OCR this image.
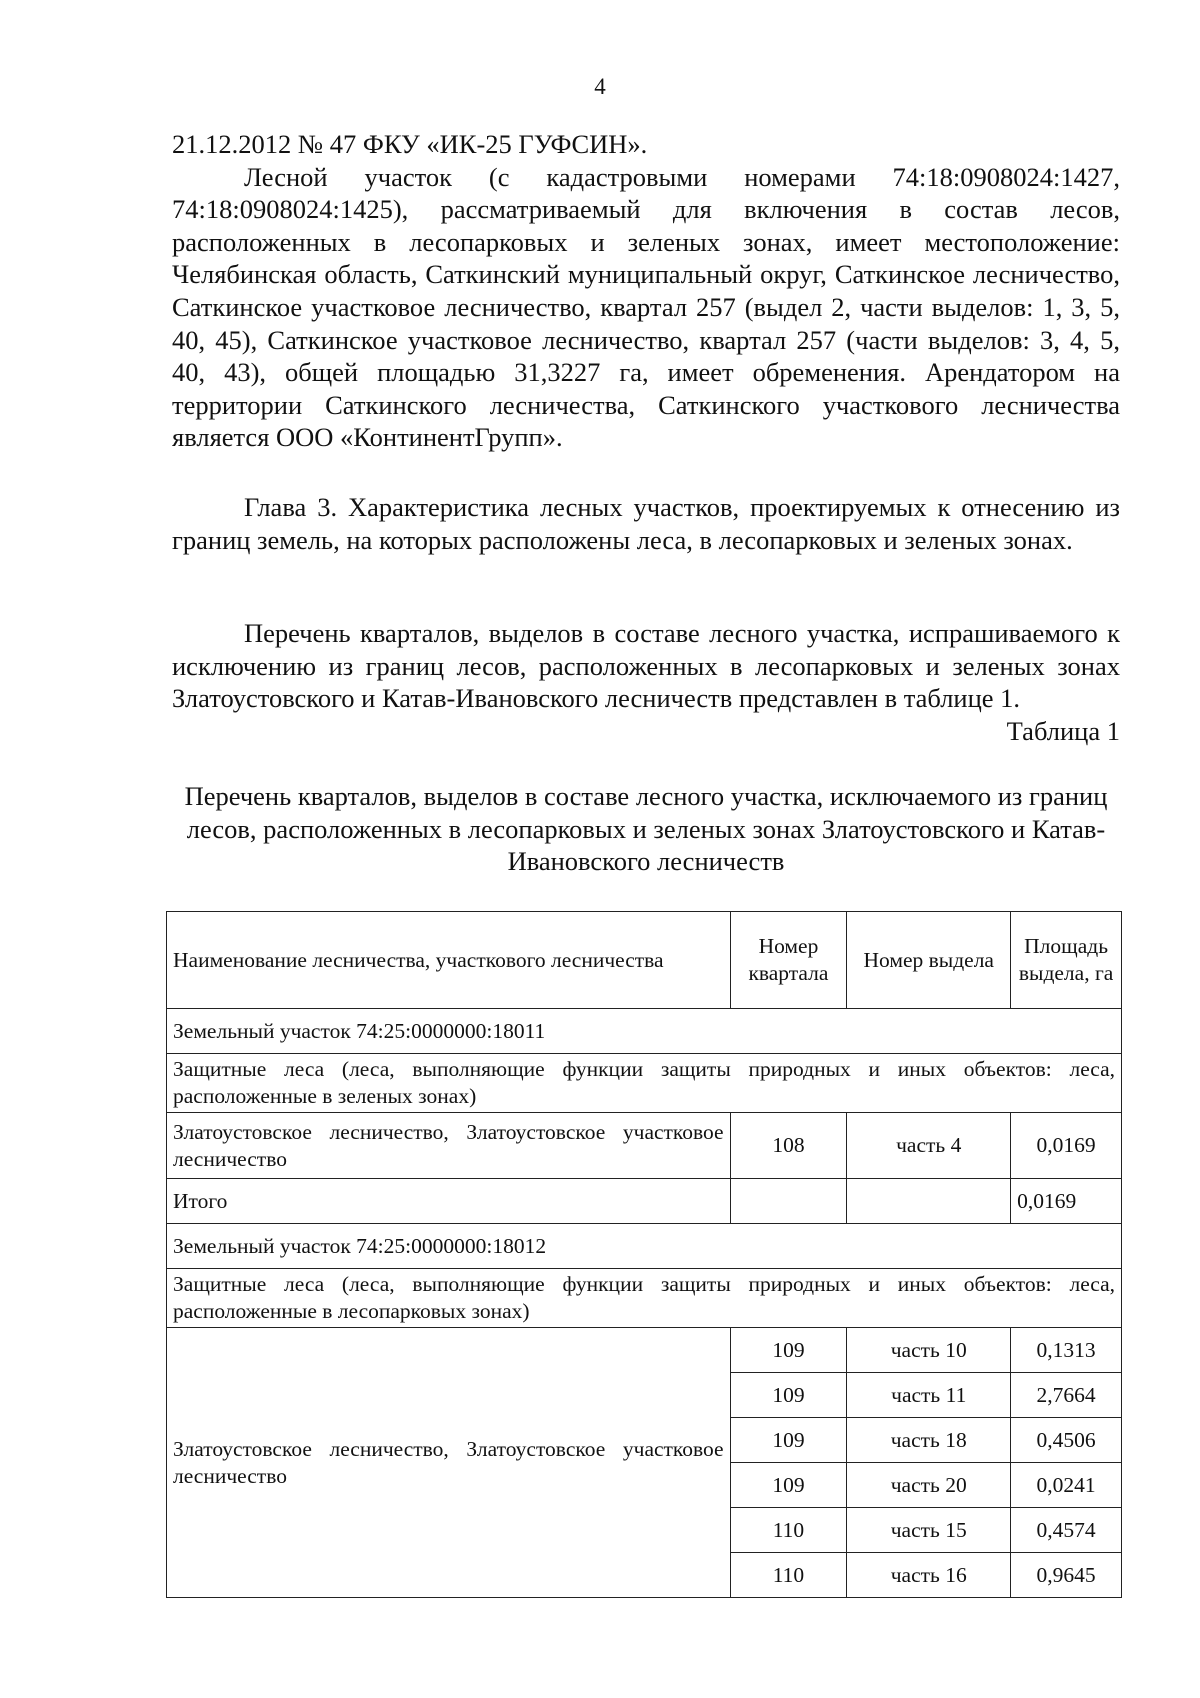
4

21.12.2012 № 47 ФКУ «ИК-25 ГУФСИН».

Лесной участок (с кадастровыми номерами 74:18:0908024:1427, 74:18:0908024:1425), рассматриваемый для включения в состав лесов, расположенных в лесопарковых и зеленых зонах, имеет местоположение: Челябинская область, Саткинский муниципальный округ, Саткинское лесничество, Саткинское участковое лесничество, квартал 257 (выдел 2, части выделов: 1, 3, 5, 40, 45), Саткинское участковое лесничество, квартал 257 (части выделов: 3, 4, 5, 40, 43), общей площадью 31,3227 га, имеет обременения. Арендатором на территории Саткинского лесничества, Саткинского участкового лесничества является ООО «КонтинентГрупп».

Глава 3. Характеристика лесных участков, проектируемых к отнесению из границ земель, на которых расположены леса, в лесопарковых и зеленых зонах.

Перечень кварталов, выделов в составе лесного участка, испрашиваемого к исключению из границ лесов, расположенных в лесопарковых и зеленых зонах Златоустовского и Катав-Ивановского лесничеств представлен в таблице 1.

Таблица 1

Перечень кварталов, выделов в составе лесного участка, исключаемого из границ лесов, расположенных в лесопарковых и зеленых зонах Златоустовского и Катав-Ивановского лесничеств
Наименование лесничества, участкового лесничества	Номер квартала	Номер выдела	Площадь выдела, га
Земельный участок 74:25:0000000:18011			
Защитные леса (леса, выполняющие функции защиты природных и иных объектов: леса, расположенные в зеленых зонах)			
Златоустовское лесничество, Златоустовское участковое лесничество	108	часть 4	0,0169
Итого			0,0169
Земельный участок 74:25:0000000:18012			
Защитные леса (леса, выполняющие функции защиты природных и иных объектов: леса, расположенные в лесопарковых зонах)			
Златоустовское лесничество, Златоустовское участковое лесничество	109	часть 10	0,1313
	109	часть 11	2,7664
	109	часть 18	0,4506
	109	часть 20	0,0241
	110	часть 15	0,4574
	110	часть 16	0,9645
